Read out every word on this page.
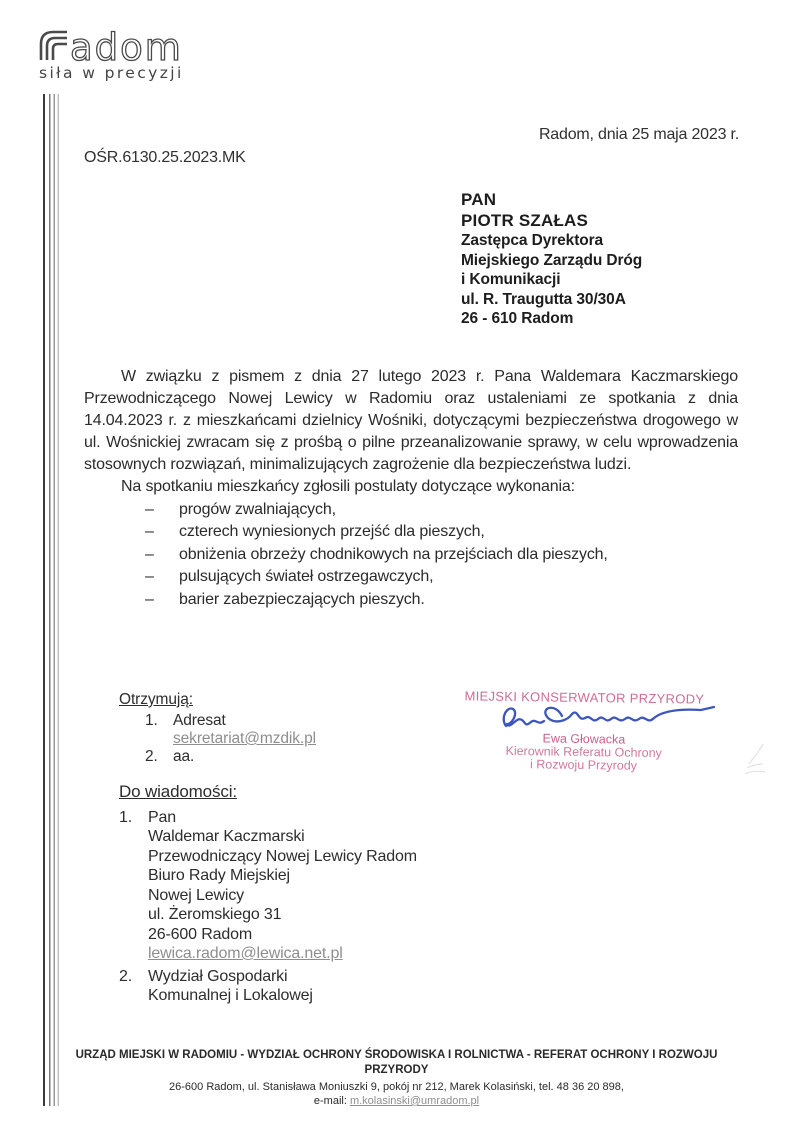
adom
siła w precyzji
Radom, dnia 25 maja 2023 r.
OŚR.6130.25.2023.MK
PAN
PIOTR SZAŁAS
Zastępca Dyrektora
Miejskiego Zarządu Dróg
i Komunikacji
ul. R. Traugutta 30/30A
26 - 610 Radom

W związku z pismem z dnia 27 lutego 2023 r. Pana Waldemara Kaczmarskiego Przewodniczącego Nowej Lewicy w Radomiu oraz ustaleniami ze spotkania z dnia 14.04.2023 r. z mieszkańcami dzielnicy Wośniki, dotyczącymi bezpieczeństwa drogowego w ul. Wośnickiej zwracam się z prośbą o pilne przeanalizowanie sprawy, w celu wprowadzenia stosownych rozwiązań, minimalizujących zagrożenie dla bezpieczeństwa ludzi.

Na spotkaniu mieszkańcy zgłosili postulaty dotyczące wykonania:

–	progów zwalniających,
–	czterech wyniesionych przejść dla pieszych,
–	obniżenia obrzeży chodnikowych na przejściach dla pieszych,
–	pulsujących świateł ostrzegawczych,
–	barier zabezpieczających pieszych.
Otrzymują:
1. Adresat
sekretariat@mzdik.pl
2. aa.
MIEJSKI KONSERWATOR PRZYRODY
Ewa Głowacka
Kierownik Referatu Ochrony
i Rozwoju Przyrody
Do wiadomości:
1. Pan
Waldemar Kaczmarski
Przewodniczący Nowej Lewicy Radom
Biuro Rady Miejskiej
Nowej Lewicy
ul. Żeromskiego 31
26-600 Radom
lewica.radom@lewica.net.pl
2. Wydział Gospodarki
Komunalnej i Lokalowej
URZĄD MIEJSKI W RADOMIU - WYDZIAŁ OCHRONY ŚRODOWISKA I ROLNICTWA - REFERAT OCHRONY I ROZWOJU PRZYRODY
26-600 Radom, ul. Stanisława Moniuszki 9, pokój nr 212, Marek Kolasiński, tel. 48 36 20 898,
e-mail: m.kolasinski@umradom.pl
